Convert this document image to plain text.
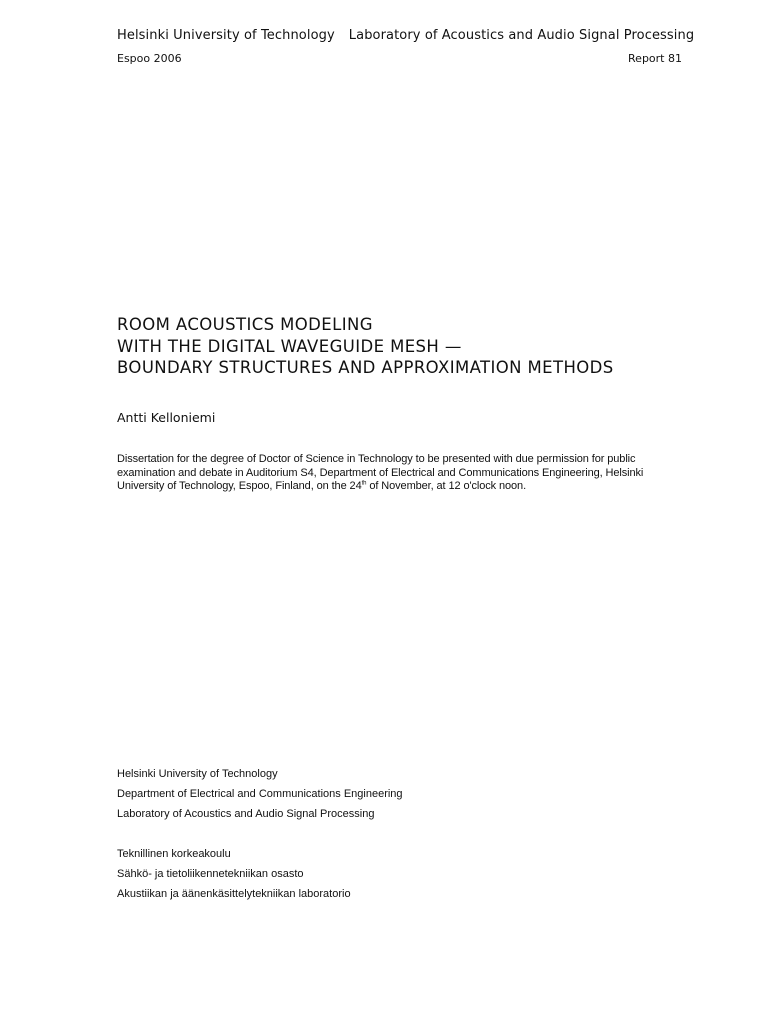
Helsinki University of Technology Laboratory of Acoustics and Audio Signal Processing
Espoo 2006	Report 81
ROOM ACOUSTICS MODELING
WITH THE DIGITAL WAVEGUIDE MESH —
BOUNDARY STRUCTURES AND APPROXIMATION METHODS
Antti Kelloniemi
Dissertation for the degree of Doctor of Science in Technology to be presented with due permission for public examination and debate in Auditorium S4, Department of Electrical and Communications Engineering, Helsinki University of Technology, Espoo, Finland, on the 24th of November, at 12 o'clock noon.
Helsinki University of Technology
Department of Electrical and Communications Engineering
Laboratory of Acoustics and Audio Signal Processing
Teknillinen korkeakoulu
Sähkö- ja tietoliikennetekniikan osasto
Akustiikan ja äänenkäsittelytekniikan laboratorio
